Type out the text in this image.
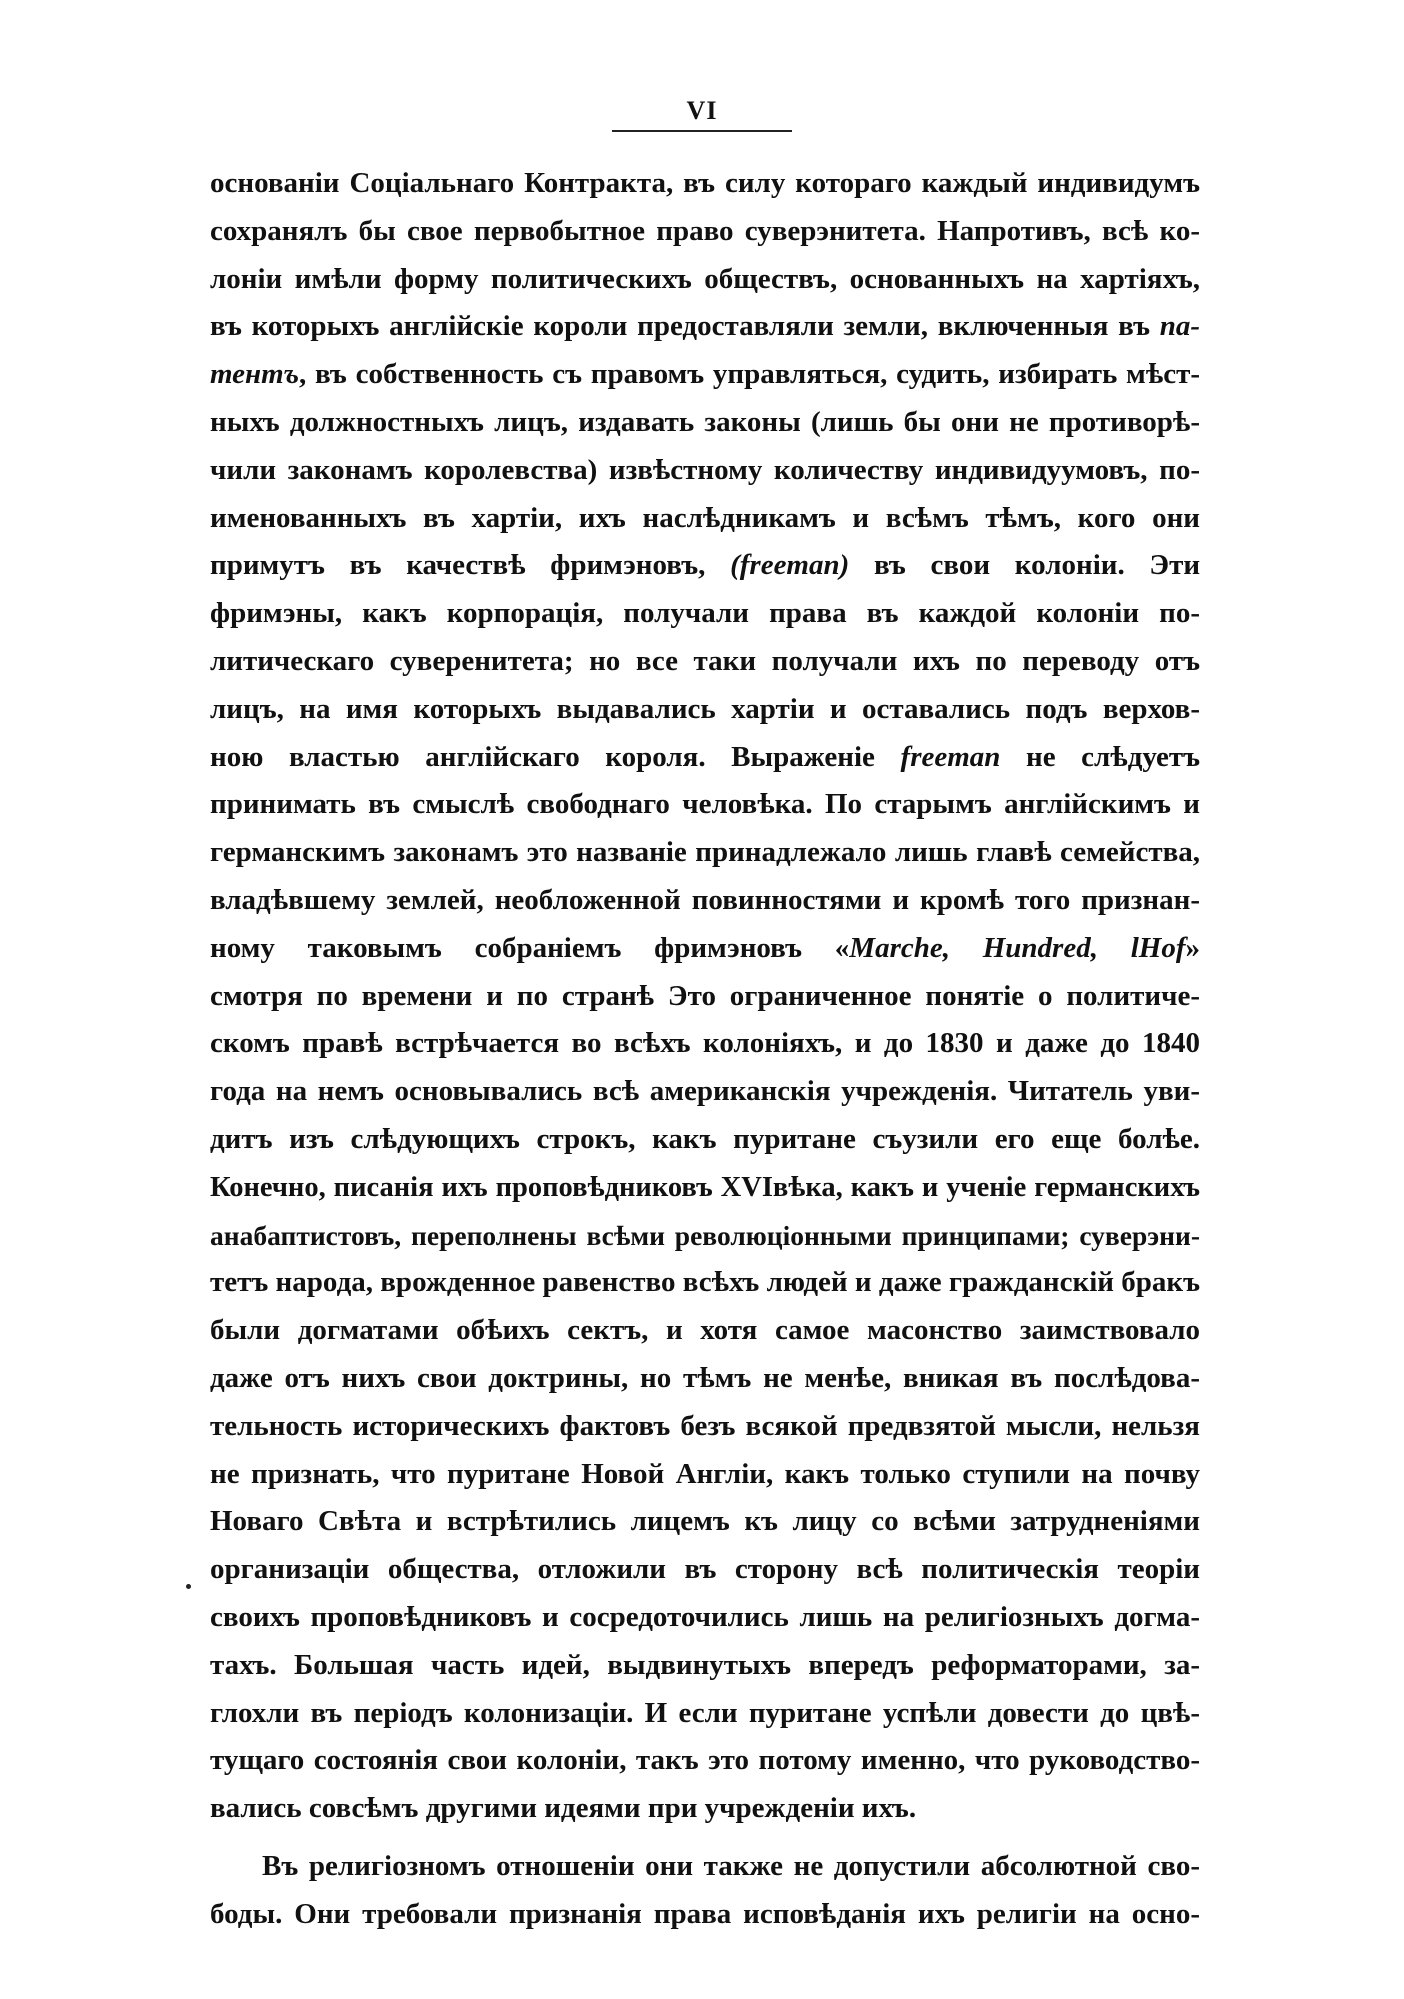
VI
основаніи Соціальнаго Контракта, въ силу котораго каждый индивидумъ
сохранялъ бы свое первобытное право суверэнитета. Напротивъ, всѣ ко-
лоніи имѣли форму политическихъ обществъ, основанныхъ на хартіяхъ,
въ которыхъ англійскіе короли предоставляли земли, включенныя въ па-
тентъ, въ собственность съ правомъ управляться, судить, избирать мѣст-
ныхъ должностныхъ лицъ, издавать законы (лишь бы они не противорѣ-
чили законамъ королевства) извѣстному количеству индивидуумовъ, по-
именованныхъ въ хартіи, ихъ наслѣдникамъ и всѣмъ тѣмъ, кого они
примутъ въ качествѣ фримэновъ, (freeman) въ свои колоніи. Эти
фримэны, какъ корпорація, получали права въ каждой колоніи по-
литическаго суверенитета; но все таки получали ихъ по переводу отъ
лицъ, на имя которыхъ выдавались хартіи и оставались подъ верхов-
ною властью англійскаго короля. Выраженіе freeman не слѣдуетъ
принимать въ смыслѣ свободнаго человѣка. По старымъ англійскимъ и
германскимъ законамъ это названіе принадлежало лишь главѣ семейства,
владѣвшему землей, необложенной повинностями и кромѣ того признан-
ному таковымъ собраніемъ фримэновъ «Marche, Hundred, lHof»
смотря по времени и по странѣ Это ограниченное понятіе о политиче-
скомъ правѣ встрѣчается во всѣхъ колоніяхъ, и до 1830 и даже до 1840
года на немъ основывались всѣ американскія учрежденія. Читатель уви-
дитъ изъ слѣдующихъ строкъ, какъ пуритане съузили его еще болѣе.
Конечно, писанія ихъ проповѣдниковъ XVIвѣка, какъ и ученіе германскихъ
анабаптистовъ, переполнены всѣми революціонными принципами; суверэни-
тетъ народа, врожденное равенство всѣхъ людей и даже гражданскій бракъ
были догматами обѣихъ сектъ, и хотя самое масонство заимствовало
даже отъ нихъ свои доктрины, но тѣмъ не менѣе, вникая въ послѣдова-
тельность историческихъ фактовъ безъ всякой предвзятой мысли, нельзя
не признать, что пуритане Новой Англіи, какъ только ступили на почву
Новаго Свѣта и встрѣтились лицемъ къ лицу со всѣми затрудненіями
организаціи общества, отложили въ сторону всѣ политическія теоріи
своихъ проповѣдниковъ и сосредоточились лишь на религіозныхъ догма-
тахъ. Большая часть идей, выдвинутыхъ впередъ реформаторами, за-
глохли въ періодъ колонизаціи. И если пуритане успѣли довести до цвѣ-
тущаго состоянія свои колоніи, такъ это потому именно, что руководство-
вались совсѣмъ другими идеями при учрежденіи ихъ.
Въ религіозномъ отношеніи они также не допустили абсолютной сво-
боды. Они требовали признанія права исповѣданія ихъ религіи на осно-
